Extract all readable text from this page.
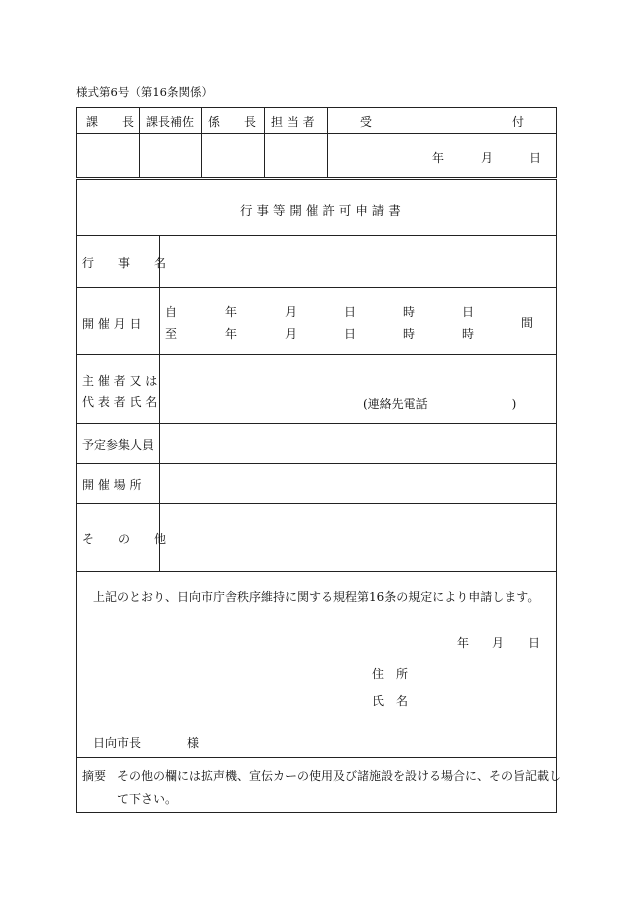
様式第6号（第16条関係）
課　　長 課長補佐 係　　長 担 当 者	受	付
年	月	日
行 事 等 開 催 許 可 申 請 書
行　　事　　名
開 催 月 日
自	年	月	日	時	日
至	年	月	日	時	時
間
主 催 者 又 は
代 表 者 氏 名	(連絡先電話　　　　　　　)
予定参集人員
開 催 場 所
そ　　の　　他
上記のとおり、日向市庁舎秩序維持に関する規程第16条の規定により申請します。
年 月 日
住　所
氏　名
日向市長	様
摘要 その他の欄には拡声機、宣伝カーの使用及び諸施設を設ける場合に、その旨記載し
て下さい。
